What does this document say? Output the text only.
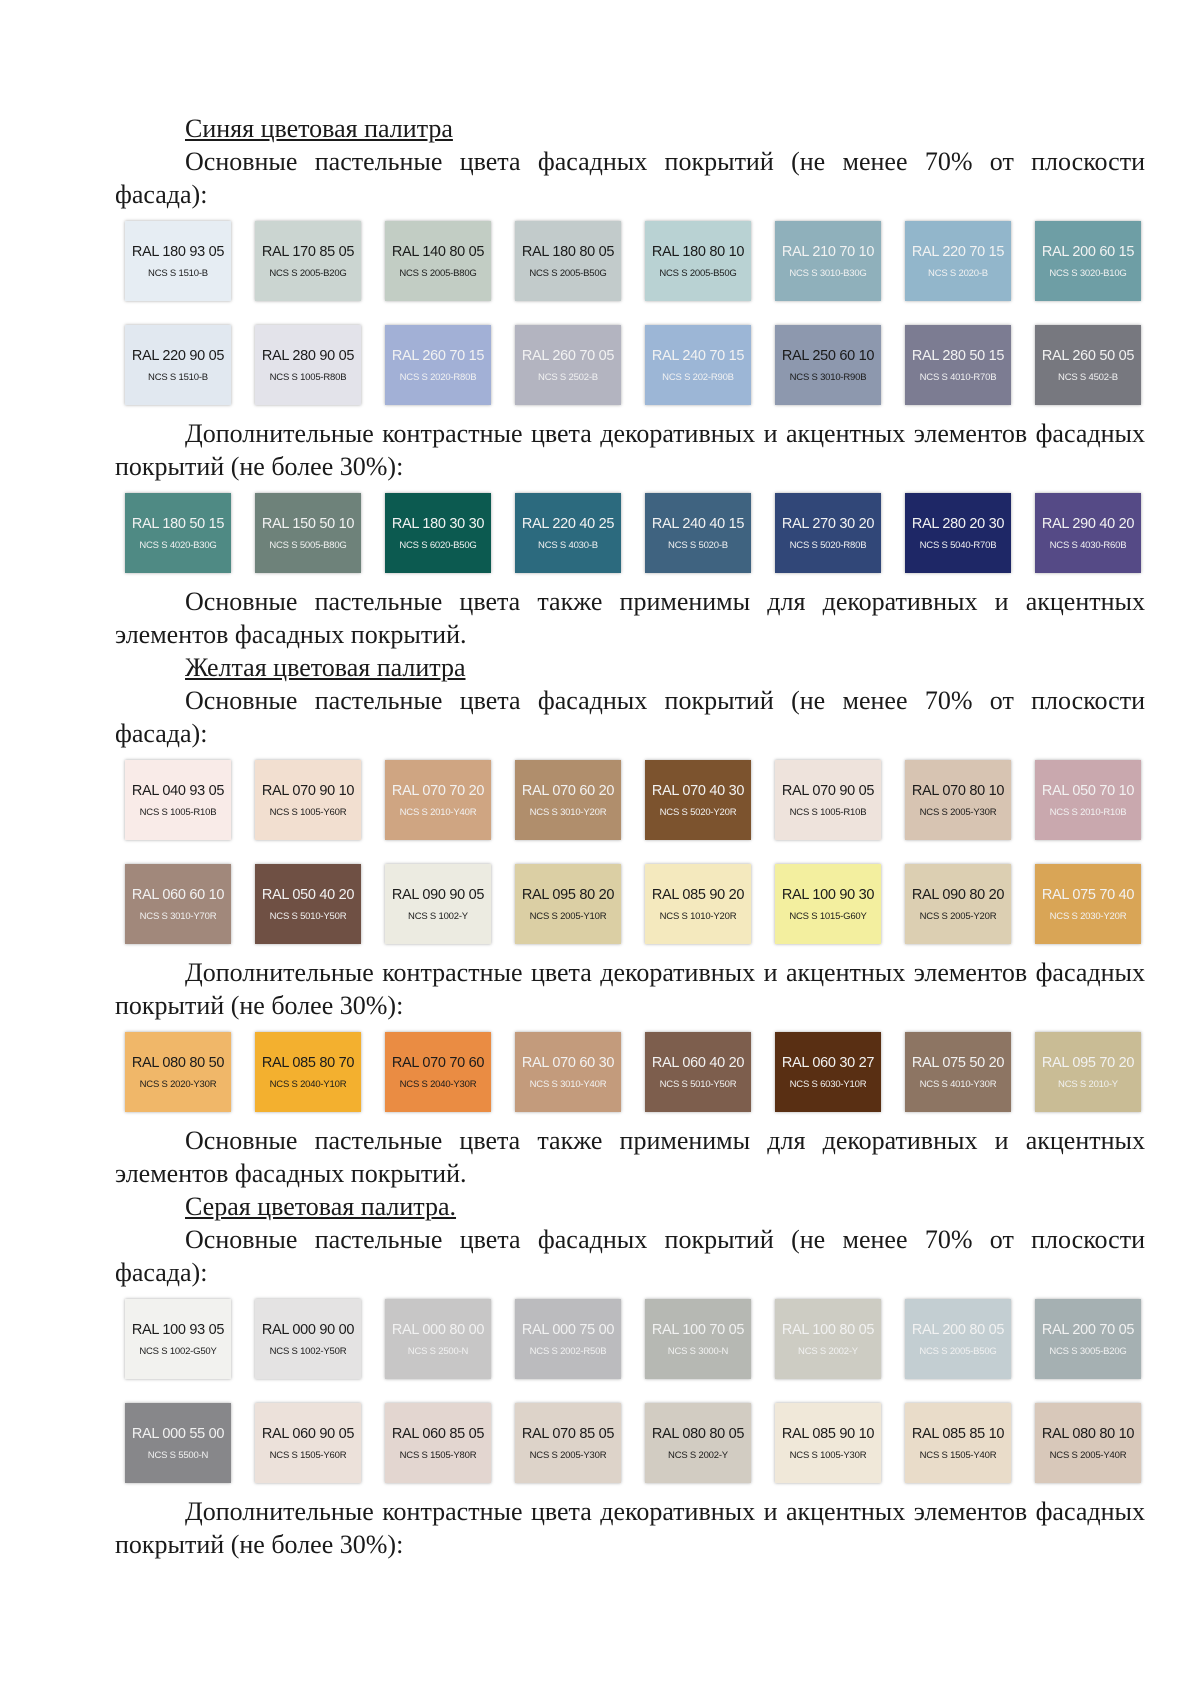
Синяя цветовая палитра

Основные пастельные цвета фасадных покрытий (не менее 70% от плоскости фасада):

RAL 180 93 05
NCS S 1510-B
RAL 170 85 05
NCS S 2005-B20G
RAL 140 80 05
NCS S 2005-B80G
RAL 180 80 05
NCS S 2005-B50G
RAL 180 80 10
NCS S 2005-B50G
RAL 210 70 10
NCS S 3010-B30G
RAL 220 70 15
NCS S 2020-B
RAL 200 60 15
NCS S 3020-B10G
RAL 220 90 05
NCS S 1510-B
RAL 280 90 05
NCS S 1005-R80B
RAL 260 70 15
NCS S 2020-R80B
RAL 260 70 05
NCS S 2502-B
RAL 240 70 15
NCS S 202-R90B
RAL 250 60 10
NCS S 3010-R90B
RAL 280 50 15
NCS S 4010-R70B
RAL 260 50 05
NCS S 4502-B

Дополнительные контрастные цвета декоративных и акцентных элементов фасадных покрытий (не более 30%):

RAL 180 50 15
NCS S 4020-B30G
RAL 150 50 10
NCS S 5005-B80G
RAL 180 30 30
NCS S 6020-B50G
RAL 220 40 25
NCS S 4030-B
RAL 240 40 15
NCS S 5020-B
RAL 270 30 20
NCS S 5020-R80B
RAL 280 20 30
NCS S 5040-R70B
RAL 290 40 20
NCS S 4030-R60B

Основные пастельные цвета также применимы для декоративных и акцентных элементов фасадных покрытий.

Желтая цветовая палитра

Основные пастельные цвета фасадных покрытий (не менее 70% от плоскости фасада):

RAL 040 93 05
NCS S 1005-R10B
RAL 070 90 10
NCS S 1005-Y60R
RAL 070 70 20
NCS S 2010-Y40R
RAL 070 60 20
NCS S 3010-Y20R
RAL 070 40 30
NCS S 5020-Y20R
RAL 070 90 05
NCS S 1005-R10B
RAL 070 80 10
NCS S 2005-Y30R
RAL 050 70 10
NCS S 2010-R10B
RAL 060 60 10
NCS S 3010-Y70R
RAL 050 40 20
NCS S 5010-Y50R
RAL 090 90 05
NCS S 1002-Y
RAL 095 80 20
NCS S 2005-Y10R
RAL 085 90 20
NCS S 1010-Y20R
RAL 100 90 30
NCS S 1015-G60Y
RAL 090 80 20
NCS S 2005-Y20R
RAL 075 70 40
NCS S 2030-Y20R

Дополнительные контрастные цвета декоративных и акцентных элементов фасадных покрытий (не более 30%):

RAL 080 80 50
NCS S 2020-Y30R
RAL 085 80 70
NCS S 2040-Y10R
RAL 070 70 60
NCS S 2040-Y30R
RAL 070 60 30
NCS S 3010-Y40R
RAL 060 40 20
NCS S 5010-Y50R
RAL 060 30 27
NCS S 6030-Y10R
RAL 075 50 20
NCS S 4010-Y30R
RAL 095 70 20
NCS S 2010-Y

Основные пастельные цвета также применимы для декоративных и акцентных элементов фасадных покрытий.

Серая цветовая палитра.

Основные пастельные цвета фасадных покрытий (не менее 70% от плоскости фасада):

RAL 100 93 05
NCS S 1002-G50Y
RAL 000 90 00
NCS S 1002-Y50R
RAL 000 80 00
NCS S 2500-N
RAL 000 75 00
NCS S 2002-R50B
RAL 100 70 05
NCS S 3000-N
RAL 100 80 05
NCS S 2002-Y
RAL 200 80 05
NCS S 2005-B50G
RAL 200 70 05
NCS S 3005-B20G
RAL 000 55 00
NCS S 5500-N
RAL 060 90 05
NCS S 1505-Y60R
RAL 060 85 05
NCS S 1505-Y80R
RAL 070 85 05
NCS S 2005-Y30R
RAL 080 80 05
NCS S 2002-Y
RAL 085 90 10
NCS S 1005-Y30R
RAL 085 85 10
NCS S 1505-Y40R
RAL 080 80 10
NCS S 2005-Y40R

Дополнительные контрастные цвета декоративных и акцентных элементов фасадных покрытий (не более 30%):
